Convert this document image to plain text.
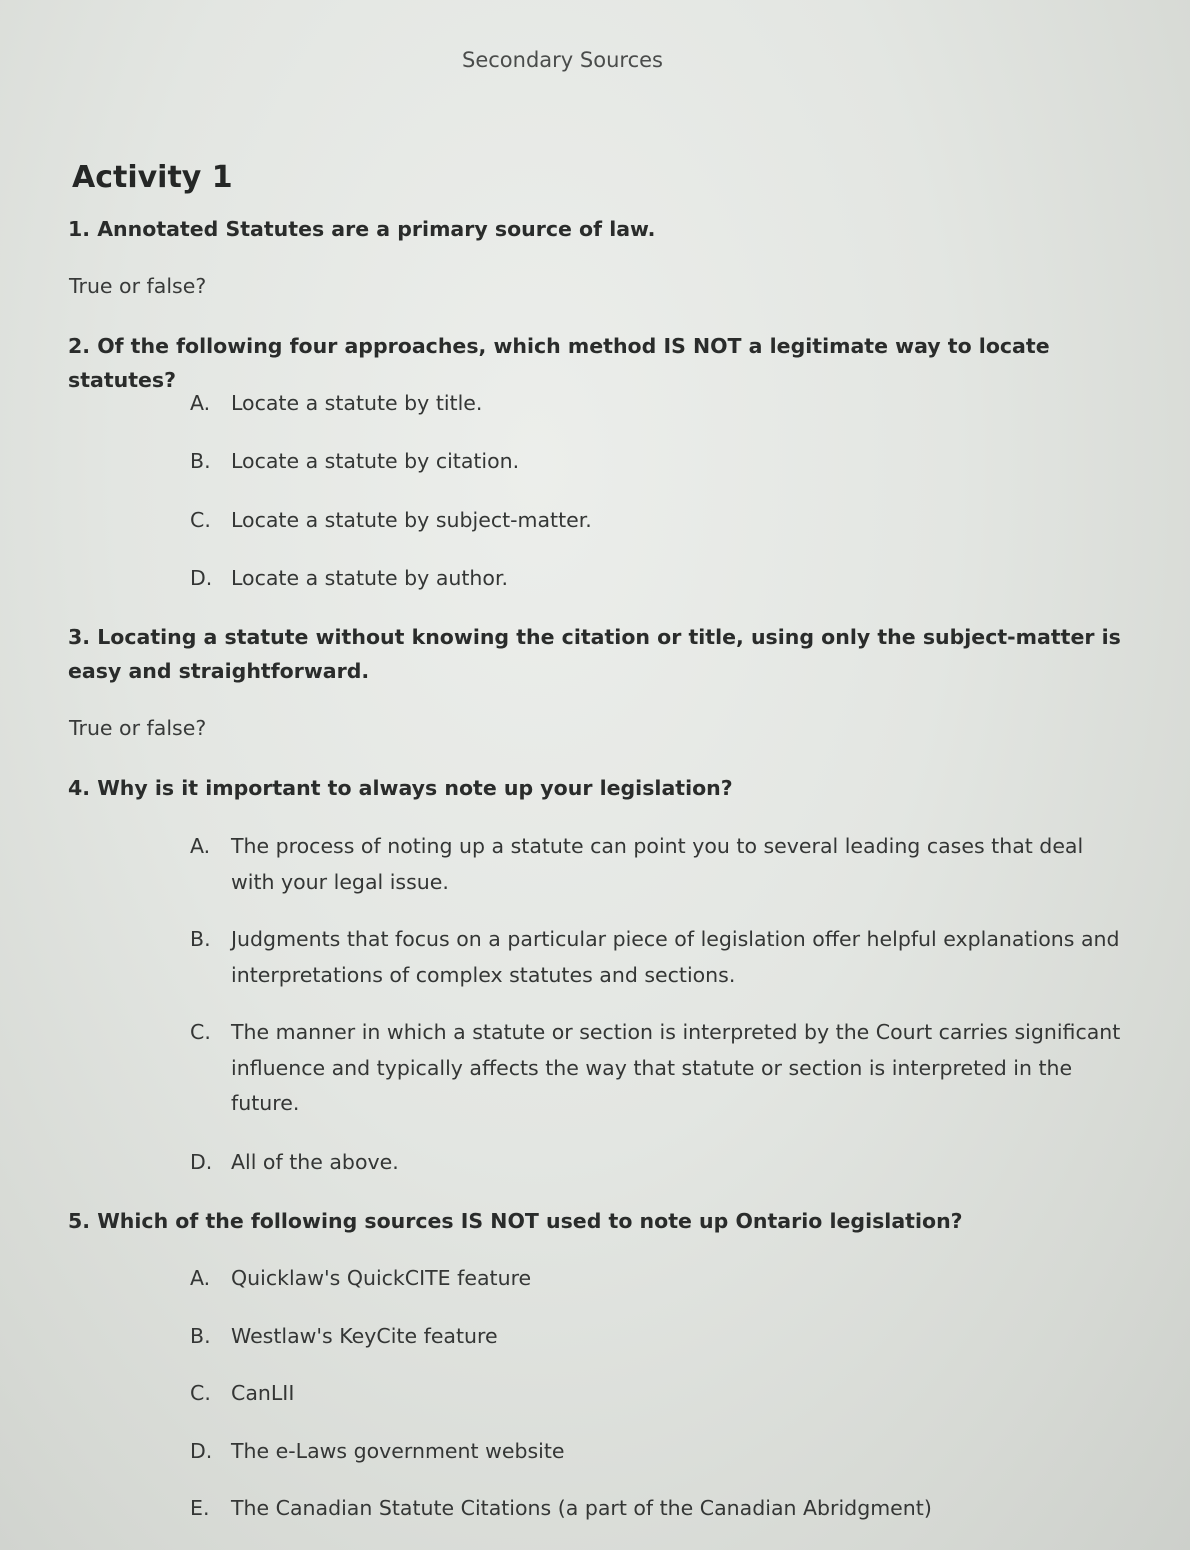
Secondary Sources
Activity 1
1. Annotated Statutes are a primary source of law.
True or false?
2. Of the following four approaches, which method IS NOT a legitimate way to locate statutes?
A.	Locate a statute by title.
B. Locate a statute by citation.
C. Locate a statute by subject-matter.
D. Locate a statute by author.
3. Locating a statute without knowing the citation or title, using only the subject-matter is easy and straightforward.
True or false?
4. Why is it important to always note up your legislation?
A.	The process of noting up a statute can point you to several leading cases that deal with your legal issue.
B. Judgments that focus on a particular piece of legislation offer helpful explanations and interpretations of complex statutes and sections.
C. The manner in which a statute or section is interpreted by the Court carries significant influence and typically affects the way that statute or section is interpreted in the future.
D. All of the above.
5. Which of the following sources IS NOT used to note up Ontario legislation?
A.	Quicklaw's QuickCITE feature
B. Westlaw's KeyCite feature
C. CanLII
D. The e-Laws government website
E.	The Canadian Statute Citations (a part of the Canadian Abridgment)
